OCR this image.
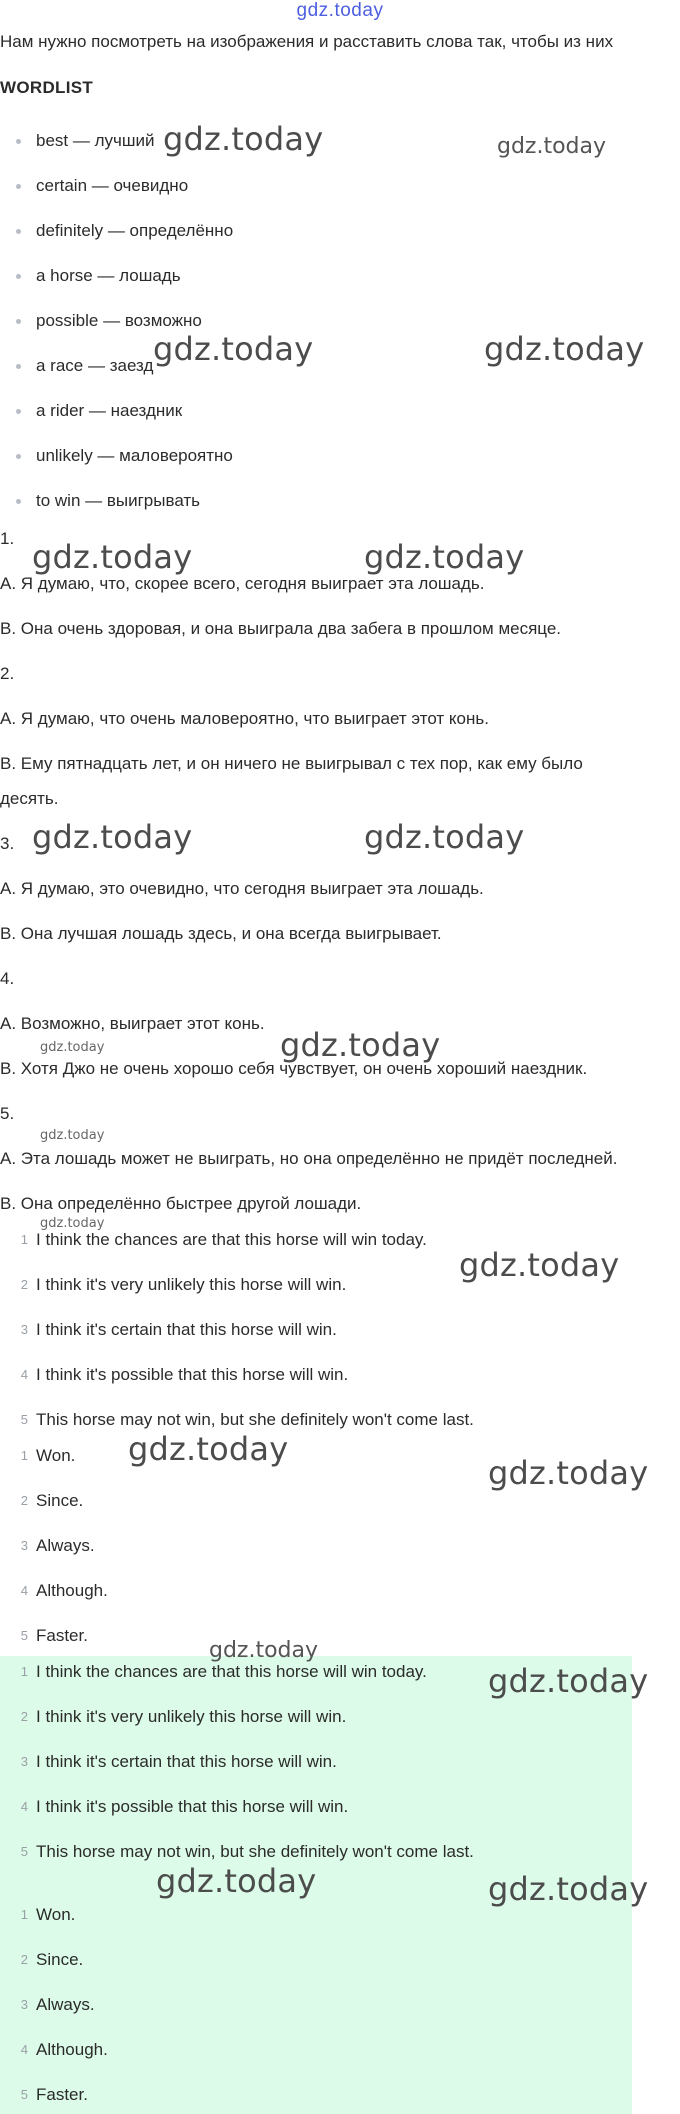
gdz.today
Нам нужно посмотреть на изображения и расставить слова так, чтобы из них
WORDLIST
best — лучший
certain — очевидно
definitely — определённо
a horse — лошадь
possible — возможно
a race — заезд
a rider — наездник
unlikely — маловероятно
to win — выигрывать
1.
A. Я думаю, что, скорее всего, сегодня выиграет эта лошадь.
B. Она очень здоровая, и она выиграла два забега в прошлом месяце.
2.
A. Я думаю, что очень маловероятно, что выиграет этот конь.
B. Ему пятнадцать лет, и он ничего не выигрывал с тех пор, как ему было
десять.
3.
A. Я думаю, это очевидно, что сегодня выиграет эта лошадь.
B. Она лучшая лошадь здесь, и она всегда выигрывает.
4.
A. Возможно, выиграет этот конь.
B. Хотя Джо не очень хорошо себя чувствует, он очень хороший наездник.
5.
A. Эта лошадь может не выиграть, но она определённо не придёт последней.
B. Она определённо быстрее другой лошади.
1 I think the chances are that this horse will win today.
2 I think it's very unlikely this horse will win.
3 I think it's certain that this horse will win.
4 I think it's possible that this horse will win.
5 This horse may not win, but she definitely won't come last.
1 Won.
2 Since.
3 Always.
4 Although.
5 Faster.
1 I think the chances are that this horse will win today.
2 I think it's very unlikely this horse will win.
3 I think it's certain that this horse will win.
4 I think it's possible that this horse will win.
5 This horse may not win, but she definitely won't come last.
1 Won.
2 Since.
3 Always.
4 Although.
5 Faster.
gdz.today	gdz.today
gdz.today	gdz.today
gdz.today	gdz.today
gdz.today	gdz.today
gdz.today
gdz.today
gdz.today
gdz.today
gdz.today
gdz.today
gdz.today
gdz.today
gdz.today
gdz.today	gdz.today
